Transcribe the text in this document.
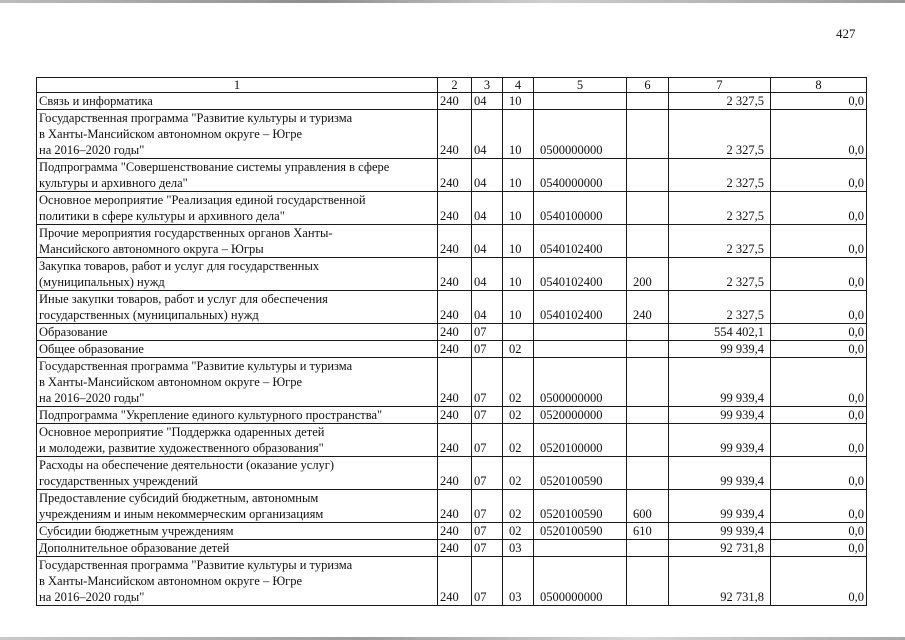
427
1	2	3	4	5	6	7	8

Связь и информатика	240	04	10			2 327,5	0,0

Государственная программа "Развитие культуры и туризма
в Ханты-Мансийском автономном округе – Югре
на 2016–2020 годы"	240	04	10	0500000000		2 327,5	0,0

Подпрограмма "Совершенствование системы управления в сфере
культуры и архивного дела"	240	04	10	0540000000		2 327,5	0,0

Основное мероприятие "Реализация единой государственной
политики в сфере культуры и архивного дела"	240	04	10	0540100000		2 327,5	0,0

Прочие мероприятия государственных органов Ханты-
Мансийского автономного округа – Югры	240	04	10	0540102400		2 327,5	0,0

Закупка товаров, работ и услуг для государственных
(муниципальных) нужд	240	04	10	0540102400	200	2 327,5	0,0

Иные закупки товаров, работ и услуг для обеспечения
государственных (муниципальных) нужд	240	04	10	0540102400	240	2 327,5	0,0

Образование	240	07				554 402,1	0,0

Общее образование	240	07	02			99 939,4	0,0

Государственная программа "Развитие культуры и туризма
в Ханты-Мансийском автономном округе – Югре
на 2016–2020 годы"	240	07	02	0500000000		99 939,4	0,0

Подпрограмма "Укрепление единого культурного пространства"	240	07	02	0520000000		99 939,4	0,0

Основное мероприятие "Поддержка одаренных детей
и молодежи, развитие художественного образования"	240	07	02	0520100000		99 939,4	0,0

Расходы на обеспечение деятельности (оказание услуг)
государственных учреждений	240	07	02	0520100590		99 939,4	0,0

Предоставление субсидий бюджетным, автономным
учреждениям и иным некоммерческим организациям	240	07	02	0520100590	600	99 939,4	0,0

Субсидии бюджетным учреждениям	240	07	02	0520100590	610	99 939,4	0,0

Дополнительное образование детей	240	07	03			92 731,8	0,0

Государственная программа "Развитие культуры и туризма
в Ханты-Мансийском автономном округе – Югре
на 2016–2020 годы"	240	07	03	0500000000		92 731,8	0,0
